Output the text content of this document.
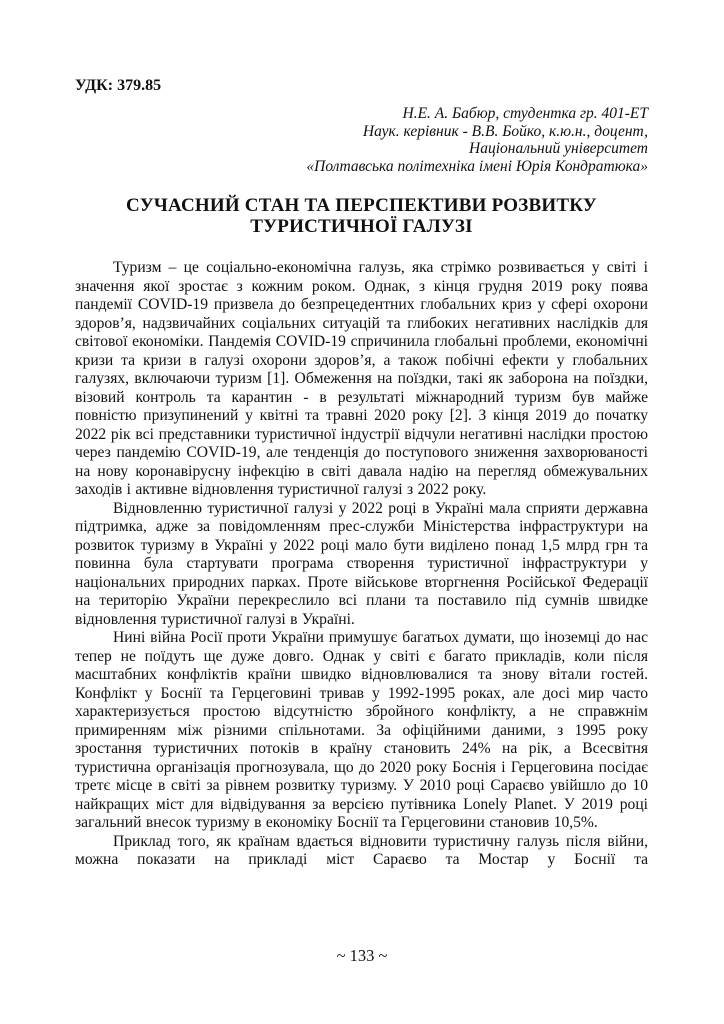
УДК: 379.85
Н.Е. А. Бабюр, студентка гр. 401-ЕТ
Наук. керівник - В.В. Бойко, к.ю.н., доцент,
Національний університет
«Полтавська політехніка імені Юрія Кондратюка»
СУЧАСНИЙ СТАН ТА ПЕРСПЕКТИВИ РОЗВИТКУ
ТУРИСТИЧНОЇ ГАЛУЗІ

Туризм – це соціально-економічна галузь, яка стрімко розвивається у світі і значення якої зростає з кожним роком. Однак, з кінця грудня 2019 року поява пандемії COVID-19 призвела до безпрецедентних глобальних криз у сфері охорони здоров’я, надзвичайних соціальних ситуацій та глибоких негативних наслідків для світової економіки. Пандемія COVID-19 спричинила глобальні проблеми, економічні кризи та кризи в галузі охорони здоров’я, а також побічні ефекти у глобальних галузях, включаючи туризм [1]. Обмеження на поїздки, такі як заборона на поїздки, візовий контроль та карантин - в результаті міжнародний туризм був майже повністю призупинений у квітні та травні 2020 року [2]. З кінця 2019 до початку 2022 рік всі представники туристичної індустрії відчули негативні наслідки простою через пандемію COVID-19, але тенденція до поступового зниження захворюваності на нову коронавірусну інфекцію в світі давала надію на перегляд обмежувальних заходів і активне відновлення туристичної галузі з 2022 року.

Відновленню туристичної галузі у 2022 році в Україні мала сприяти державна підтримка, адже за повідомленням прес-служби Міністерства інфраструктури на розвиток туризму в Україні у 2022 році мало бути виділено понад 1,5 млрд грн та повинна була стартувати програма створення туристичної інфраструктури у національних природних парках. Проте військове вторгнення Російської Федерації на територію України перекреслило всі плани та поставило під сумнів швидке відновлення туристичної галузі в Україні.

Нині війна Росії проти України примушує багатьох думати, що іноземці до нас тепер не поїдуть ще дуже довго. Однак у світі є багато прикладів, коли після масштабних конфліктів країни швидко відновлювалися та знову вітали гостей. Конфлікт у Боснії та Герцеговині тривав у 1992-1995 роках, але досі мир часто характеризується простою відсутністю збройного конфлікту, а не справжнім примиренням між різними спільнотами. За офіційними даними, з 1995 року зростання туристичних потоків в країну становить 24% на рік, а Всесвітня туристична організація прогнозувала, що до 2020 року Боснія і Герцеговина посідає третє місце в світі за рівнем розвитку туризму. У 2010 році Сараєво увійшло до 10 найкращих міст для відвідування за версією путівника Lonely Planet. У 2019 році загальний внесок туризму в економіку Боснії та Герцеговини становив 10,5%.

Приклад того, як країнам вдається відновити туристичну галузь після війни, можна показати на прикладі міст Сараєво та Мостар у Боснії та

~ 133 ~
